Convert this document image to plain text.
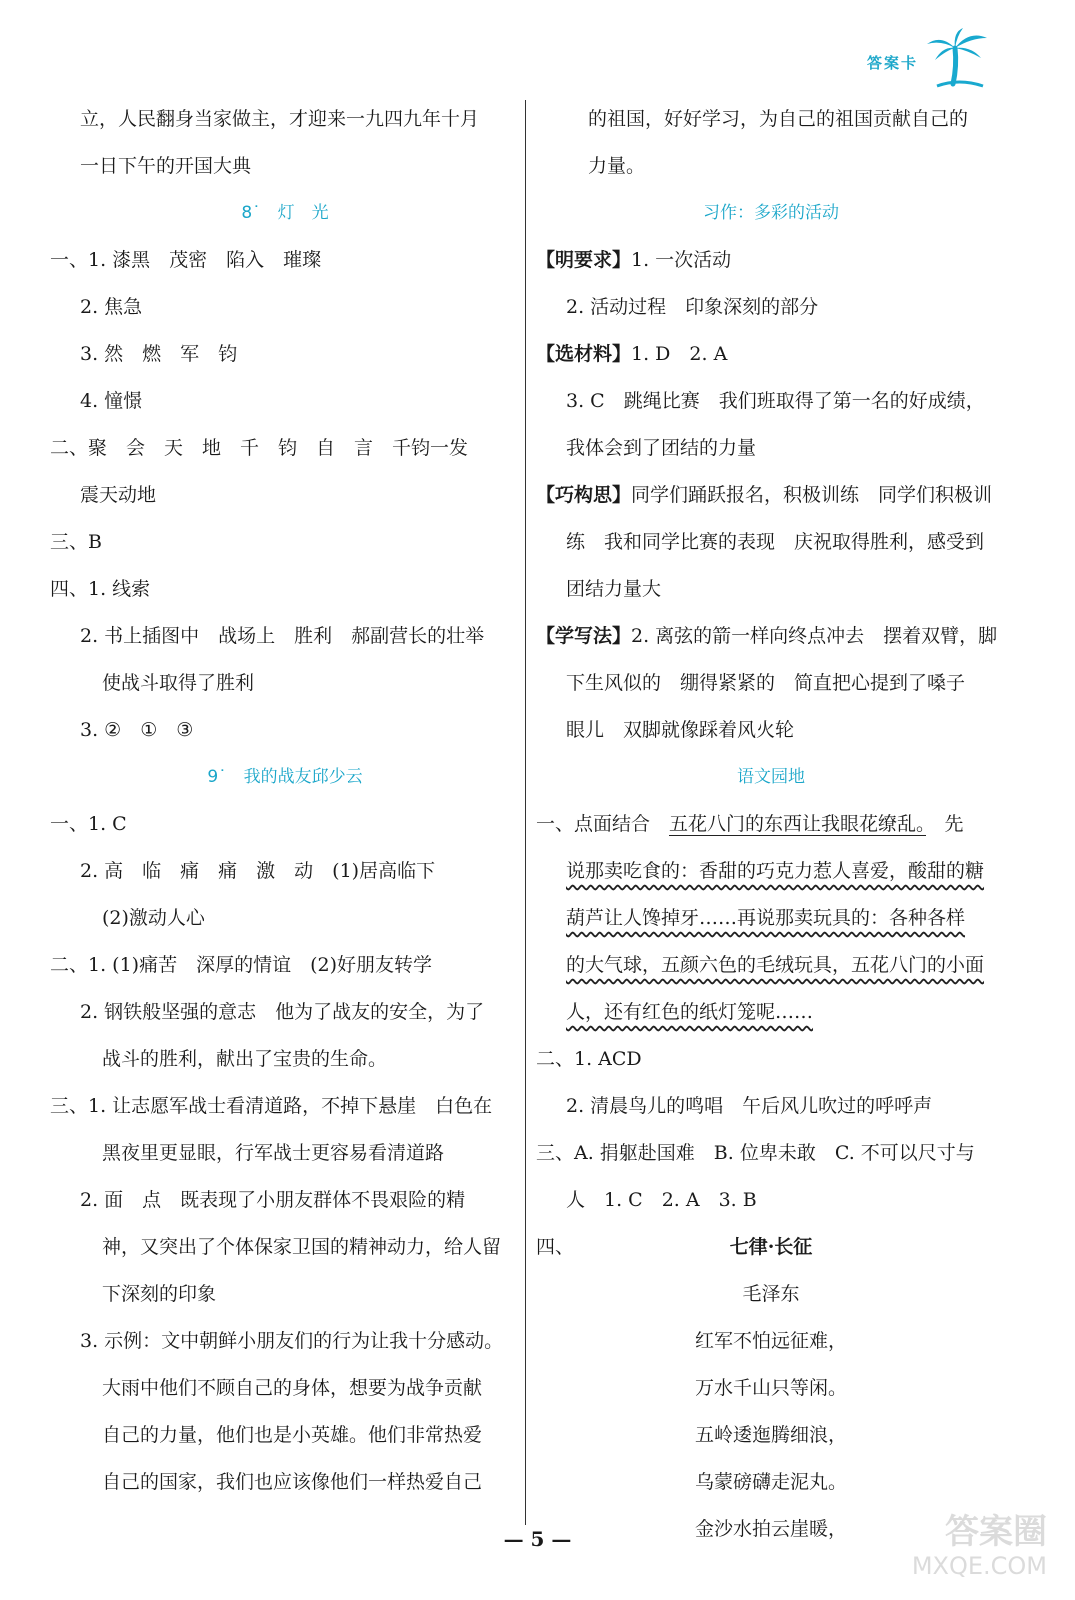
答案卡
立，人民翻身当家做主，才迎来一九四九年十月
一日下午的开国大典
8˙　灯　光
一、1. 漆黑　茂密　陷入　璀璨
2. 焦急
3. 然　燃　军　钧
4. 憧憬
二、聚　会　天　地　千　钧　自　言　千钧一发
震天动地
三、B
四、1. 线索
2. 书上插图中　战场上　胜利　郝副营长的壮举
使战斗取得了胜利
3. ②　①　③
9˙　我的战友邱少云
一、1. C
2. 高　临　痛　痛　激　动　(1)居高临下
(2)激动人心
二、1. (1)痛苦　深厚的情谊　(2)好朋友转学
2. 钢铁般坚强的意志　他为了战友的安全，为了
战斗的胜利，献出了宝贵的生命。
三、1. 让志愿军战士看清道路，不掉下悬崖　白色在
黑夜里更显眼，行军战士更容易看清道路
2. 面　点　既表现了小朋友群体不畏艰险的精
神，又突出了个体保家卫国的精神动力，给人留
下深刻的印象
3. 示例：文中朝鲜小朋友们的行为让我十分感动。
大雨中他们不顾自己的身体，想要为战争贡献
自己的力量，他们也是小英雄。他们非常热爱
自己的国家，我们也应该像他们一样热爱自己
的祖国，好好学习，为自己的祖国贡献自己的
力量。
习作：多彩的活动
【明要求】1. 一次活动
2. 活动过程　印象深刻的部分
【选材料】1. D　2. A
3. C　跳绳比赛　我们班取得了第一名的好成绩，
我体会到了团结的力量
【巧构思】同学们踊跃报名，积极训练　同学们积极训
练　我和同学比赛的表现　庆祝取得胜利，感受到
团结力量大
【学写法】2. 离弦的箭一样向终点冲去　摆着双臂，脚
下生风似的　绷得紧紧的　简直把心提到了嗓子
眼儿　双脚就像踩着风火轮
语文园地
一、点面结合　五花八门的东西让我眼花缭乱。　先
说那卖吃食的：香甜的巧克力惹人喜爱，酸甜的糖
葫芦让人馋掉牙……再说那卖玩具的：各种各样
的大气球，五颜六色的毛绒玩具，五花八门的小面
人，还有红色的纸灯笼呢……
二、1. ACD
2. 清晨鸟儿的鸣唱　午后风儿吹过的呼呼声
三、A. 捐躯赴国难　B. 位卑未敢　C. 不可以尺寸与
人　1. C　2. A　3. B
四、	七律·长征
毛泽东
红军不怕远征难，
万水千山只等闲。
五岭逶迤腾细浪，
乌蒙磅礴走泥丸。
金沙水拍云崖暖，
— 5 —	答案圈
MXQE.COM
